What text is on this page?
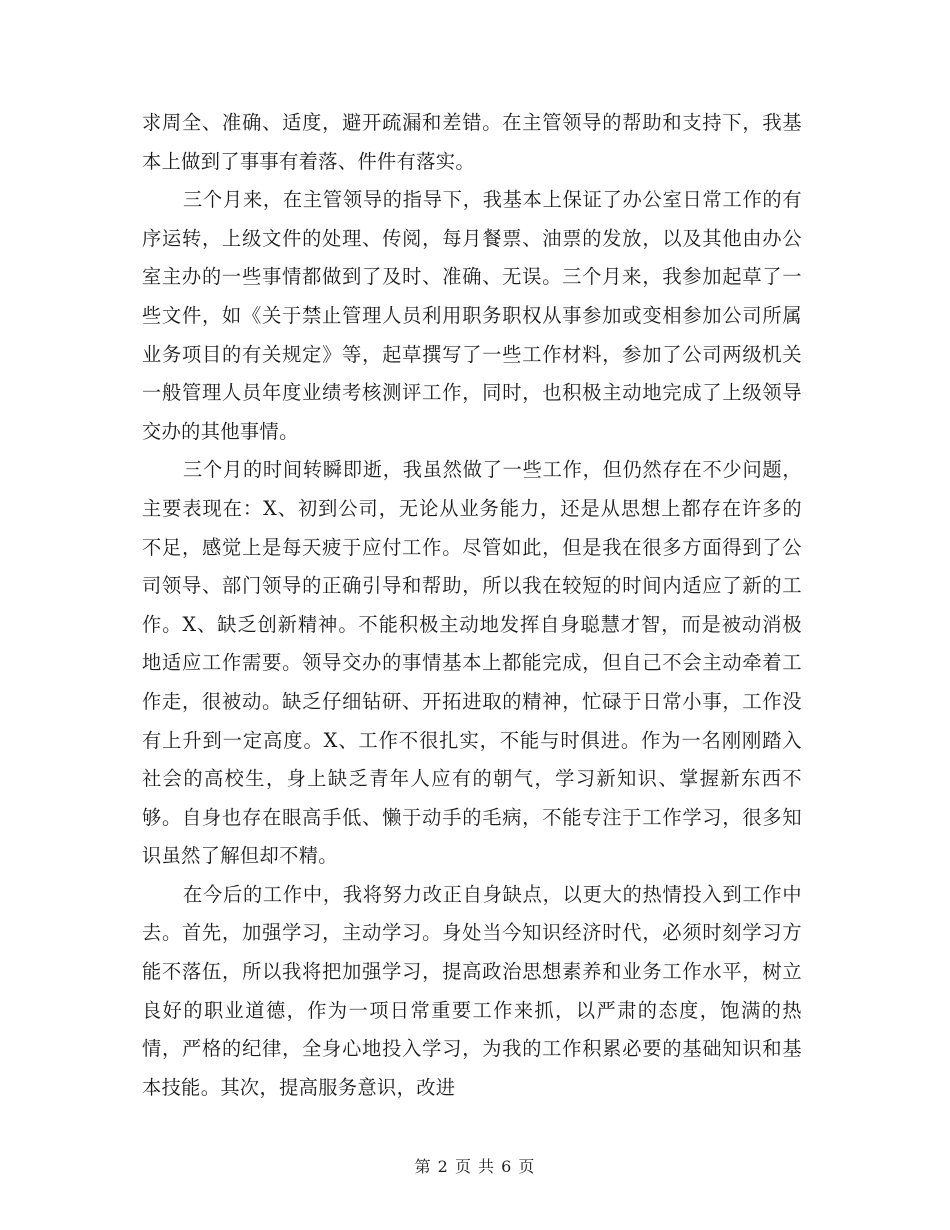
求周全、准确、适度，避开疏漏和差错。在主管领导的帮助和支持下，我基本上做到了事事有着落、件件有落实。

三个月来，在主管领导的指导下，我基本上保证了办公室日常工作的有序运转，上级文件的处理、传阅，每月餐票、油票的发放，以及其他由办公室主办的一些事情都做到了及时、准确、无误。三个月来，我参加起草了一些文件，如《关于禁止管理人员利用职务职权从事参加或变相参加公司所属业务项目的有关规定》等，起草撰写了一些工作材料，参加了公司两级机关一般管理人员年度业绩考核测评工作，同时，也积极主动地完成了上级领导交办的其他事情。

三个月的时间转瞬即逝，我虽然做了一些工作，但仍然存在不少问题，主要表现在：X、初到公司，无论从业务能力，还是从思想上都存在许多的不足，感觉上是每天疲于应付工作。尽管如此，但是我在很多方面得到了公司领导、部门领导的正确引导和帮助，所以我在较短的时间内适应了新的工作。X、缺乏创新精神。不能积极主动地发挥自身聪慧才智，而是被动消极地适应工作需要。领导交办的事情基本上都能完成，但自己不会主动牵着工作走，很被动。缺乏仔细钻研、开拓进取的精神，忙碌于日常小事，工作没有上升到一定高度。X、工作不很扎实，不能与时俱进。作为一名刚刚踏入社会的高校生，身上缺乏青年人应有的朝气，学习新知识、掌握新东西不够。自身也存在眼高手低、懒于动手的毛病，不能专注于工作学习，很多知识虽然了解但却不精。

在今后的工作中，我将努力改正自身缺点，以更大的热情投入到工作中去。首先，加强学习，主动学习。身处当今知识经济时代，必须时刻学习方能不落伍，所以我将把加强学习，提高政治思想素养和业务工作水平，树立良好的职业道德，作为一项日常重要工作来抓，以严肃的态度，饱满的热情，严格的纪律，全身心地投入学习，为我的工作积累必要的基础知识和基本技能。其次，提高服务意识，改进

第 2 页 共 6 页
